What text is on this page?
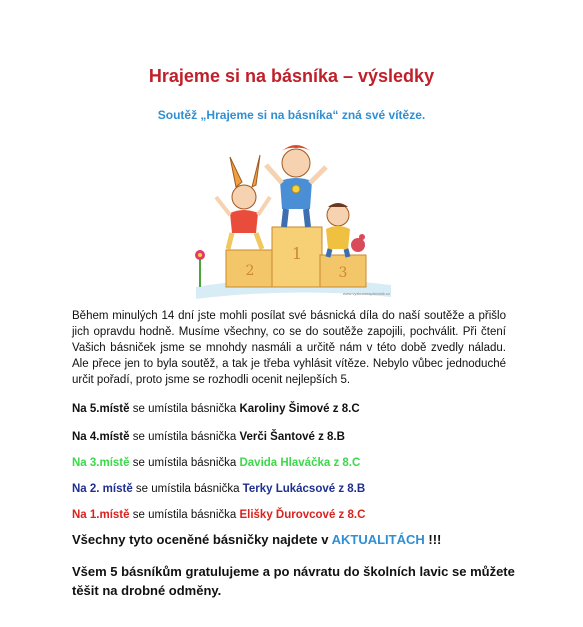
Hrajeme si na básníka – výsledky
Soutěž „Hrajeme si na básníka“ zná své vítěze.
2
1
3
www.vyzkumnapistolnik.cz
Během minulých 14 dní jste mohli posílat své básnická díla do naší soutěže a přišlo jich opravdu hodně. Musíme všechny, co se do soutěže zapojili, pochválit. Při čtení Vašich básniček jsme se mnohdy nasmáli a určitě nám v této době zvedly náladu. Ale přece jen to byla soutěž, a tak je třeba vyhlásit vítěze. Nebylo vůbec jednoduché určit pořadí, proto jsme se rozhodli ocenit nejlepších 5.
Na 5.místě se umístila básnička Karoliny Šimové z 8.C
Na 4.místě se umístila básnička Verči Šantové z 8.B
Na 3.místě se umístila básnička Davida Hlaváčka z 8.C
Na 2. místě se umístila básnička Terky Lukácsové z 8.B
Na 1.místě se umístila básnička Elišky Ďurovcové z 8.C
Všechny tyto oceněné básničky najdete v AKTUALITÁCH !!!
Všem 5 básníkům gratulujeme a po návratu do školních lavic se můžete těšit na drobné odměny.
